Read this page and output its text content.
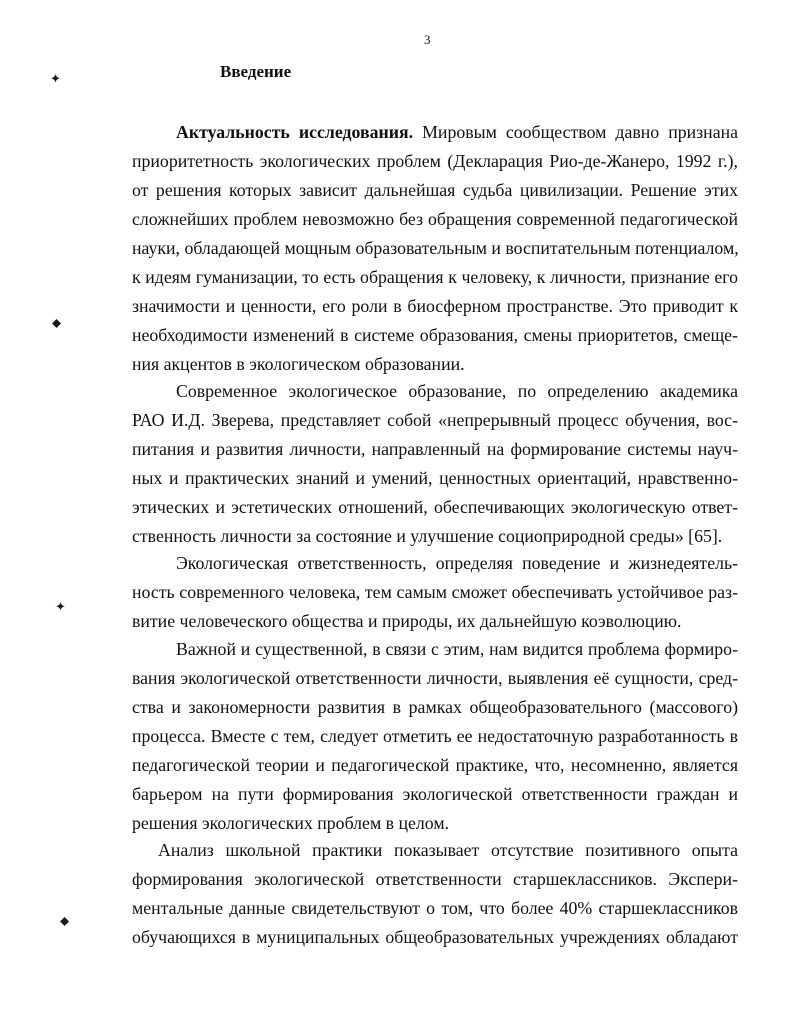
3
Введение
✦
⬥
✦
⬥
Актуальность исследования. Мировым сообществом давно признана
приоритетность экологических проблем (Декларация Рио-де-Жанеро, 1992 г.),
от решения которых зависит дальнейшая судьба цивилизации. Решение этих
сложнейших проблем невозможно без обращения современной педагогической
науки, обладающей мощным образовательным и воспитательным потенциалом,
к идеям гуманизации, то есть обращения к человеку, к личности, признание его
значимости и ценности, его роли в биосферном пространстве. Это приводит к
необходимости изменений в системе образования, смены приоритетов, смеще-
ния акцентов в экологическом образовании.
Современное экологическое образование, по определению академика
РАО И.Д. Зверева, представляет собой «непрерывный процесс обучения, вос-
питания и развития личности, направленный на формирование системы науч-
ных и практических знаний и умений, ценностных ориентаций, нравственно-
этических и эстетических отношений, обеспечивающих экологическую ответ-
ственность личности за состояние и улучшение социоприродной среды» [65].
Экологическая ответственность, определяя поведение и жизнедеятель-
ность современного человека, тем самым сможет обеспечивать устойчивое раз-
витие человеческого общества и природы, их дальнейшую коэволюцию.
Важной и существенной, в связи с этим, нам видится проблема формиро-
вания экологической ответственности личности, выявления её сущности, сред-
ства и закономерности развития в рамках общеобразовательного (массового)
процесса. Вместе с тем, следует отметить ее недостаточную разработанность в
педагогической теории и педагогической практике, что, несомненно, является
барьером на пути формирования экологической ответственности граждан и
решения экологических проблем в целом.
Анализ школьной практики показывает отсутствие позитивного опыта
формирования экологической ответственности старшеклассников. Экспери-
ментальные данные свидетельствуют о том, что более 40% старшеклассников
обучающихся в муниципальных общеобразовательных учреждениях обладают
